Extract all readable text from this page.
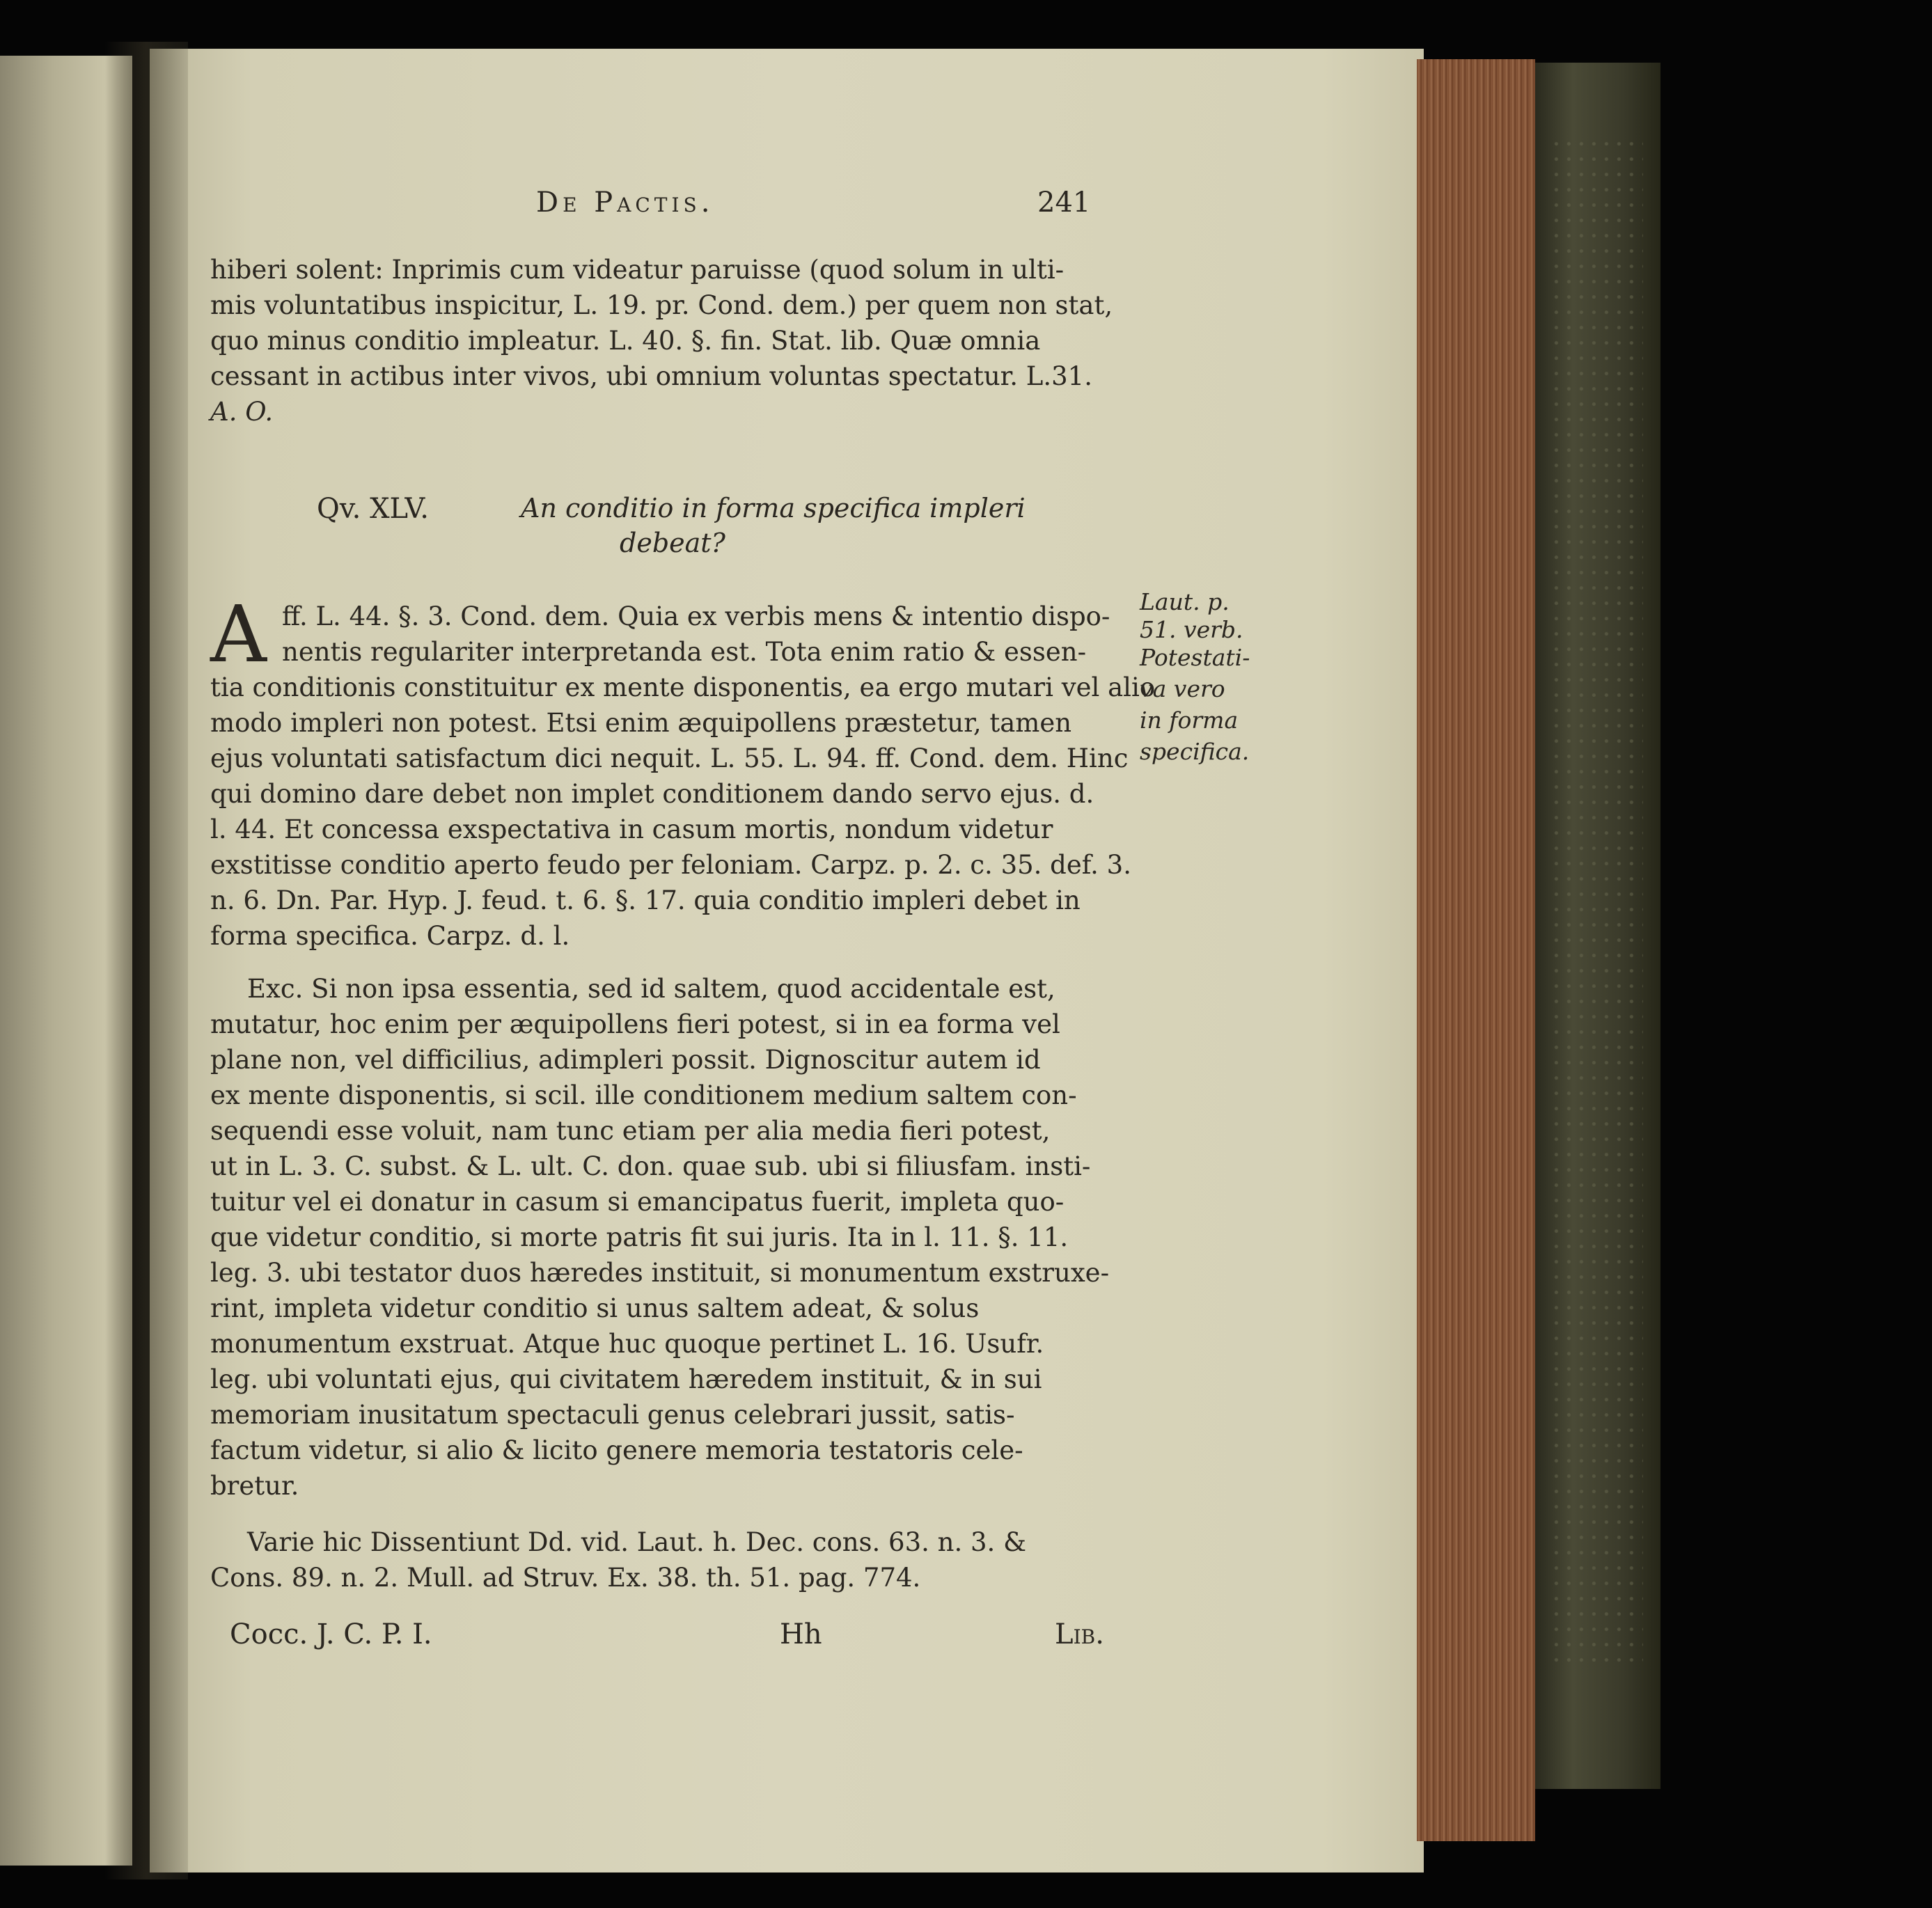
De Pactis.	241
hiberi solent: Inprimis cum videatur paruisse (quod solum in ulti-
mis voluntatibus inspicitur, L. 19. pr. Cond. dem.) per quem non stat,
quo minus conditio impleatur. L. 40. §. fin. Stat. lib. Quæ omnia
cessant in actibus inter vivos, ubi omnium voluntas spectatur. L.31.
A. O.
Qv. XLV.	An conditio in forma specifica impleri
debeat?
A ff. L. 44. §. 3. Cond. dem. Quia ex verbis mens & intentio dispo-
nentis regulariter interpretanda est. Tota enim ratio & essen-
tia conditionis constituitur ex mente disponentis, ea ergo mutari vel alio
modo impleri non potest. Etsi enim æquipollens præstetur, tamen
ejus voluntati satisfactum dici nequit. L. 55. L. 94. ff. Cond. dem. Hinc
qui domino dare debet non implet conditionem dando servo ejus. d.
l. 44. Et concessa exspectativa in casum mortis, nondum videtur
exstitisse conditio aperto feudo per feloniam. Carpz. p. 2. c. 35. def. 3.
n. 6. Dn. Par. Hyp. J. feud. t. 6. §. 17. quia conditio impleri debet in
forma specifica. Carpz. d. l.
Laut. p.
51. verb.
Potestati-
va vero
in forma
specifica.
Exc. Si non ipsa essentia, sed id saltem, quod accidentale est,
mutatur, hoc enim per æquipollens fieri potest, si in ea forma vel
plane non, vel difficilius, adimpleri possit. Dignoscitur autem id
ex mente disponentis, si scil. ille conditionem medium saltem con-
sequendi esse voluit, nam tunc etiam per alia media fieri potest,
ut in L. 3. C. subst. & L. ult. C. don. quae sub. ubi si filiusfam. insti-
tuitur vel ei donatur in casum si emancipatus fuerit, impleta quo-
que videtur conditio, si morte patris fit sui juris. Ita in l. 11. §. 11.
leg. 3. ubi testator duos hæredes instituit, si monumentum exstruxe-
rint, impleta videtur conditio si unus saltem adeat, & solus
monumentum exstruat. Atque huc quoque pertinet L. 16. Usufr.
leg. ubi voluntati ejus, qui civitatem hæredem instituit, & in sui
memoriam inusitatum spectaculi genus celebrari jussit, satis-
factum videtur, si alio & licito genere memoria testatoris cele-
bretur.
Varie hic Dissentiunt Dd. vid. Laut. h. Dec. cons. 63. n. 3. &
Cons. 89. n. 2. Mull. ad Struv. Ex. 38. th. 51. pag. 774.
Cocc. J. C. P. I.	Hh	Lib.
